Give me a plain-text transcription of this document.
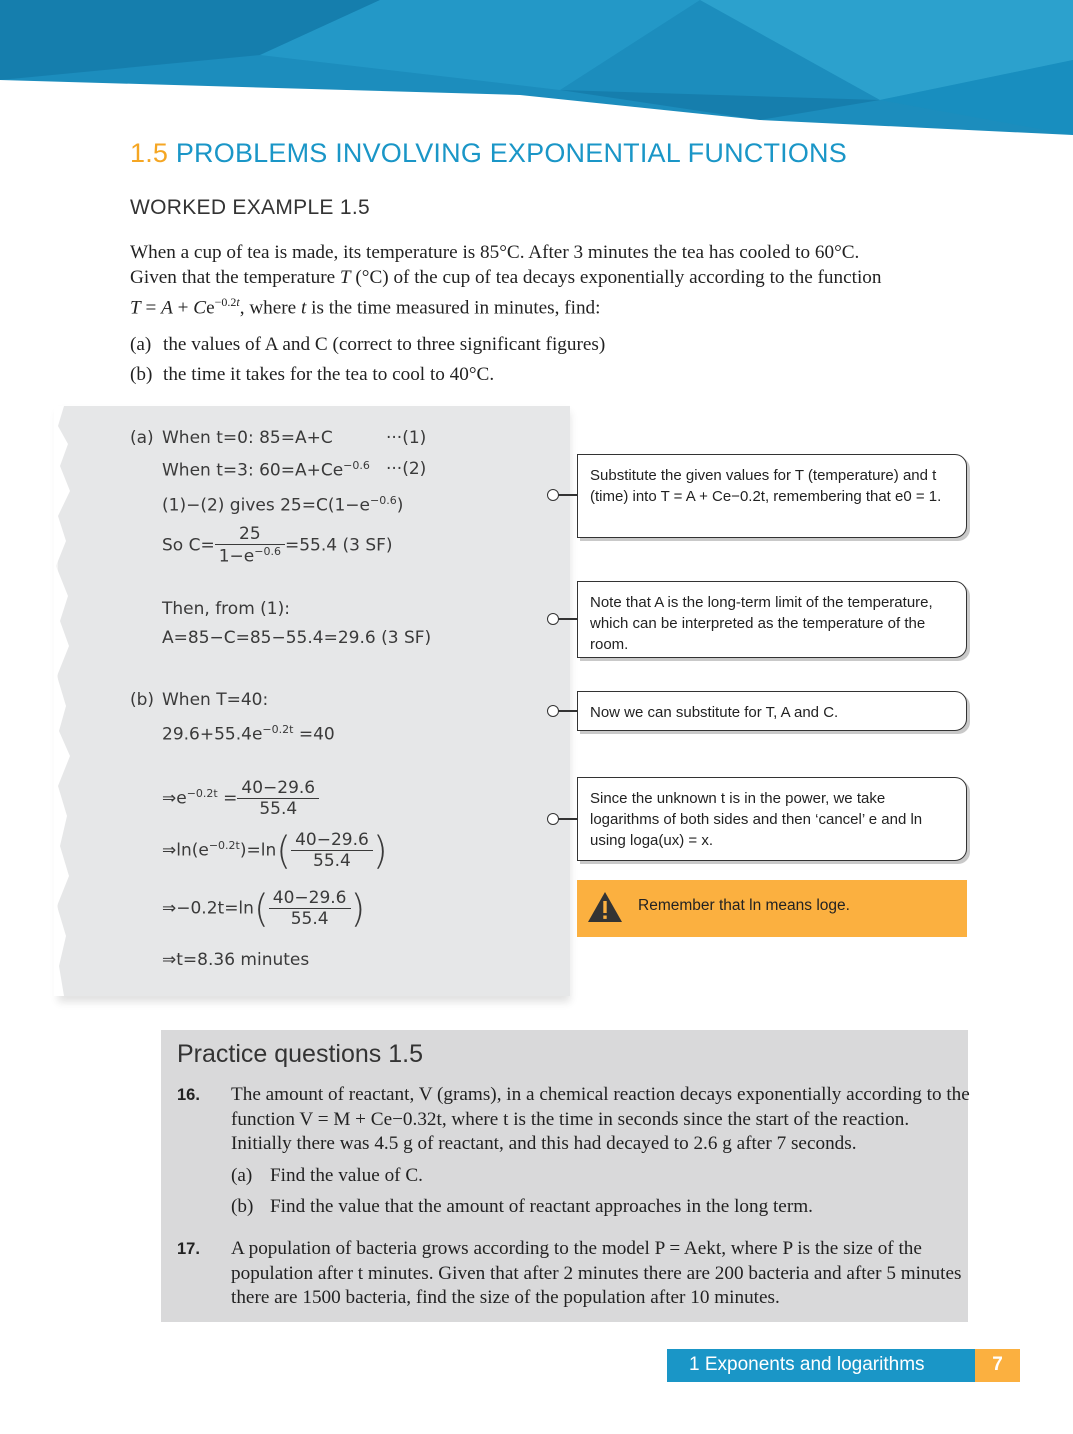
1.5 PROBLEMS INVOLVING EXPONENTIAL FUNCTIONS
WORKED EXAMPLE 1.5
When a cup of tea is made, its temperature is 85°C. After 3 minutes the tea has cooled to 60°C.
Given that the temperature T (°C) of the cup of tea decays exponentially according to the function
$T = A + Ce^{-0.2t}$, where t is the time measured in minutes, find:
(a) the values of A and C (correct to three significant figures)
(b) the time it takes for the tea to cool to 40°C.
(a) When t=0: 85=A+C	···(1)
When t=3: $60=A+Ce^{-0.6} \cdot\cdot\cdot(2)$
(1)−(2) gives $25=C(1-e^{-0.6})$
So $C= \frac{25}{1-e^{-0.6}} =55.4$ (3 SF)
Then, from (1):
A=85−C=85−55.4=29.6 (3 SF)
(b) When T=40:
$29.6+55.4e^{-0.2t} =40$
$\Rightarrow e^{-0.2t} = \frac{40-29.6}{55.4}$
$\Rightarrow\ln(e^{-0.2t})=\ln( \frac{40-29.6}{55.4}$ )
⇒−0.2t=ln( $\frac{40-29.6}{55.4}$ )
⇒t=8.36 minutes
Substitute the given values for T (temperature) and t (time) into T = A + Ce−0.2t, remembering that e0 = 1.
Note that A is the long-term limit of the temperature, which can be interpreted as the temperature of the room.
Now we can substitute for T, A and C.
Since the unknown t is in the power, we take logarithms of both sides and then ‘cancel’ e and ln using loga(ux) = x.
Remember that ln means loge.
Practice questions 1.5
16. The amount of reactant, V (grams), in a chemical reaction decays exponentially according to the function V = M + Ce−0.32t, where t is the time in seconds since the start of the reaction. Initially there was 4.5 g of reactant, and this had decayed to 2.6 g after 7 seconds.
(a) Find the value of C.
(b) Find the value that the amount of reactant approaches in the long term.
17. A population of bacteria grows according to the model P = Aekt, where P is the size of the population after t minutes. Given that after 2 minutes there are 200 bacteria and after 5 minutes there are 1500 bacteria, find the size of the population after 10 minutes.
1 Exponents and logarithms	7
